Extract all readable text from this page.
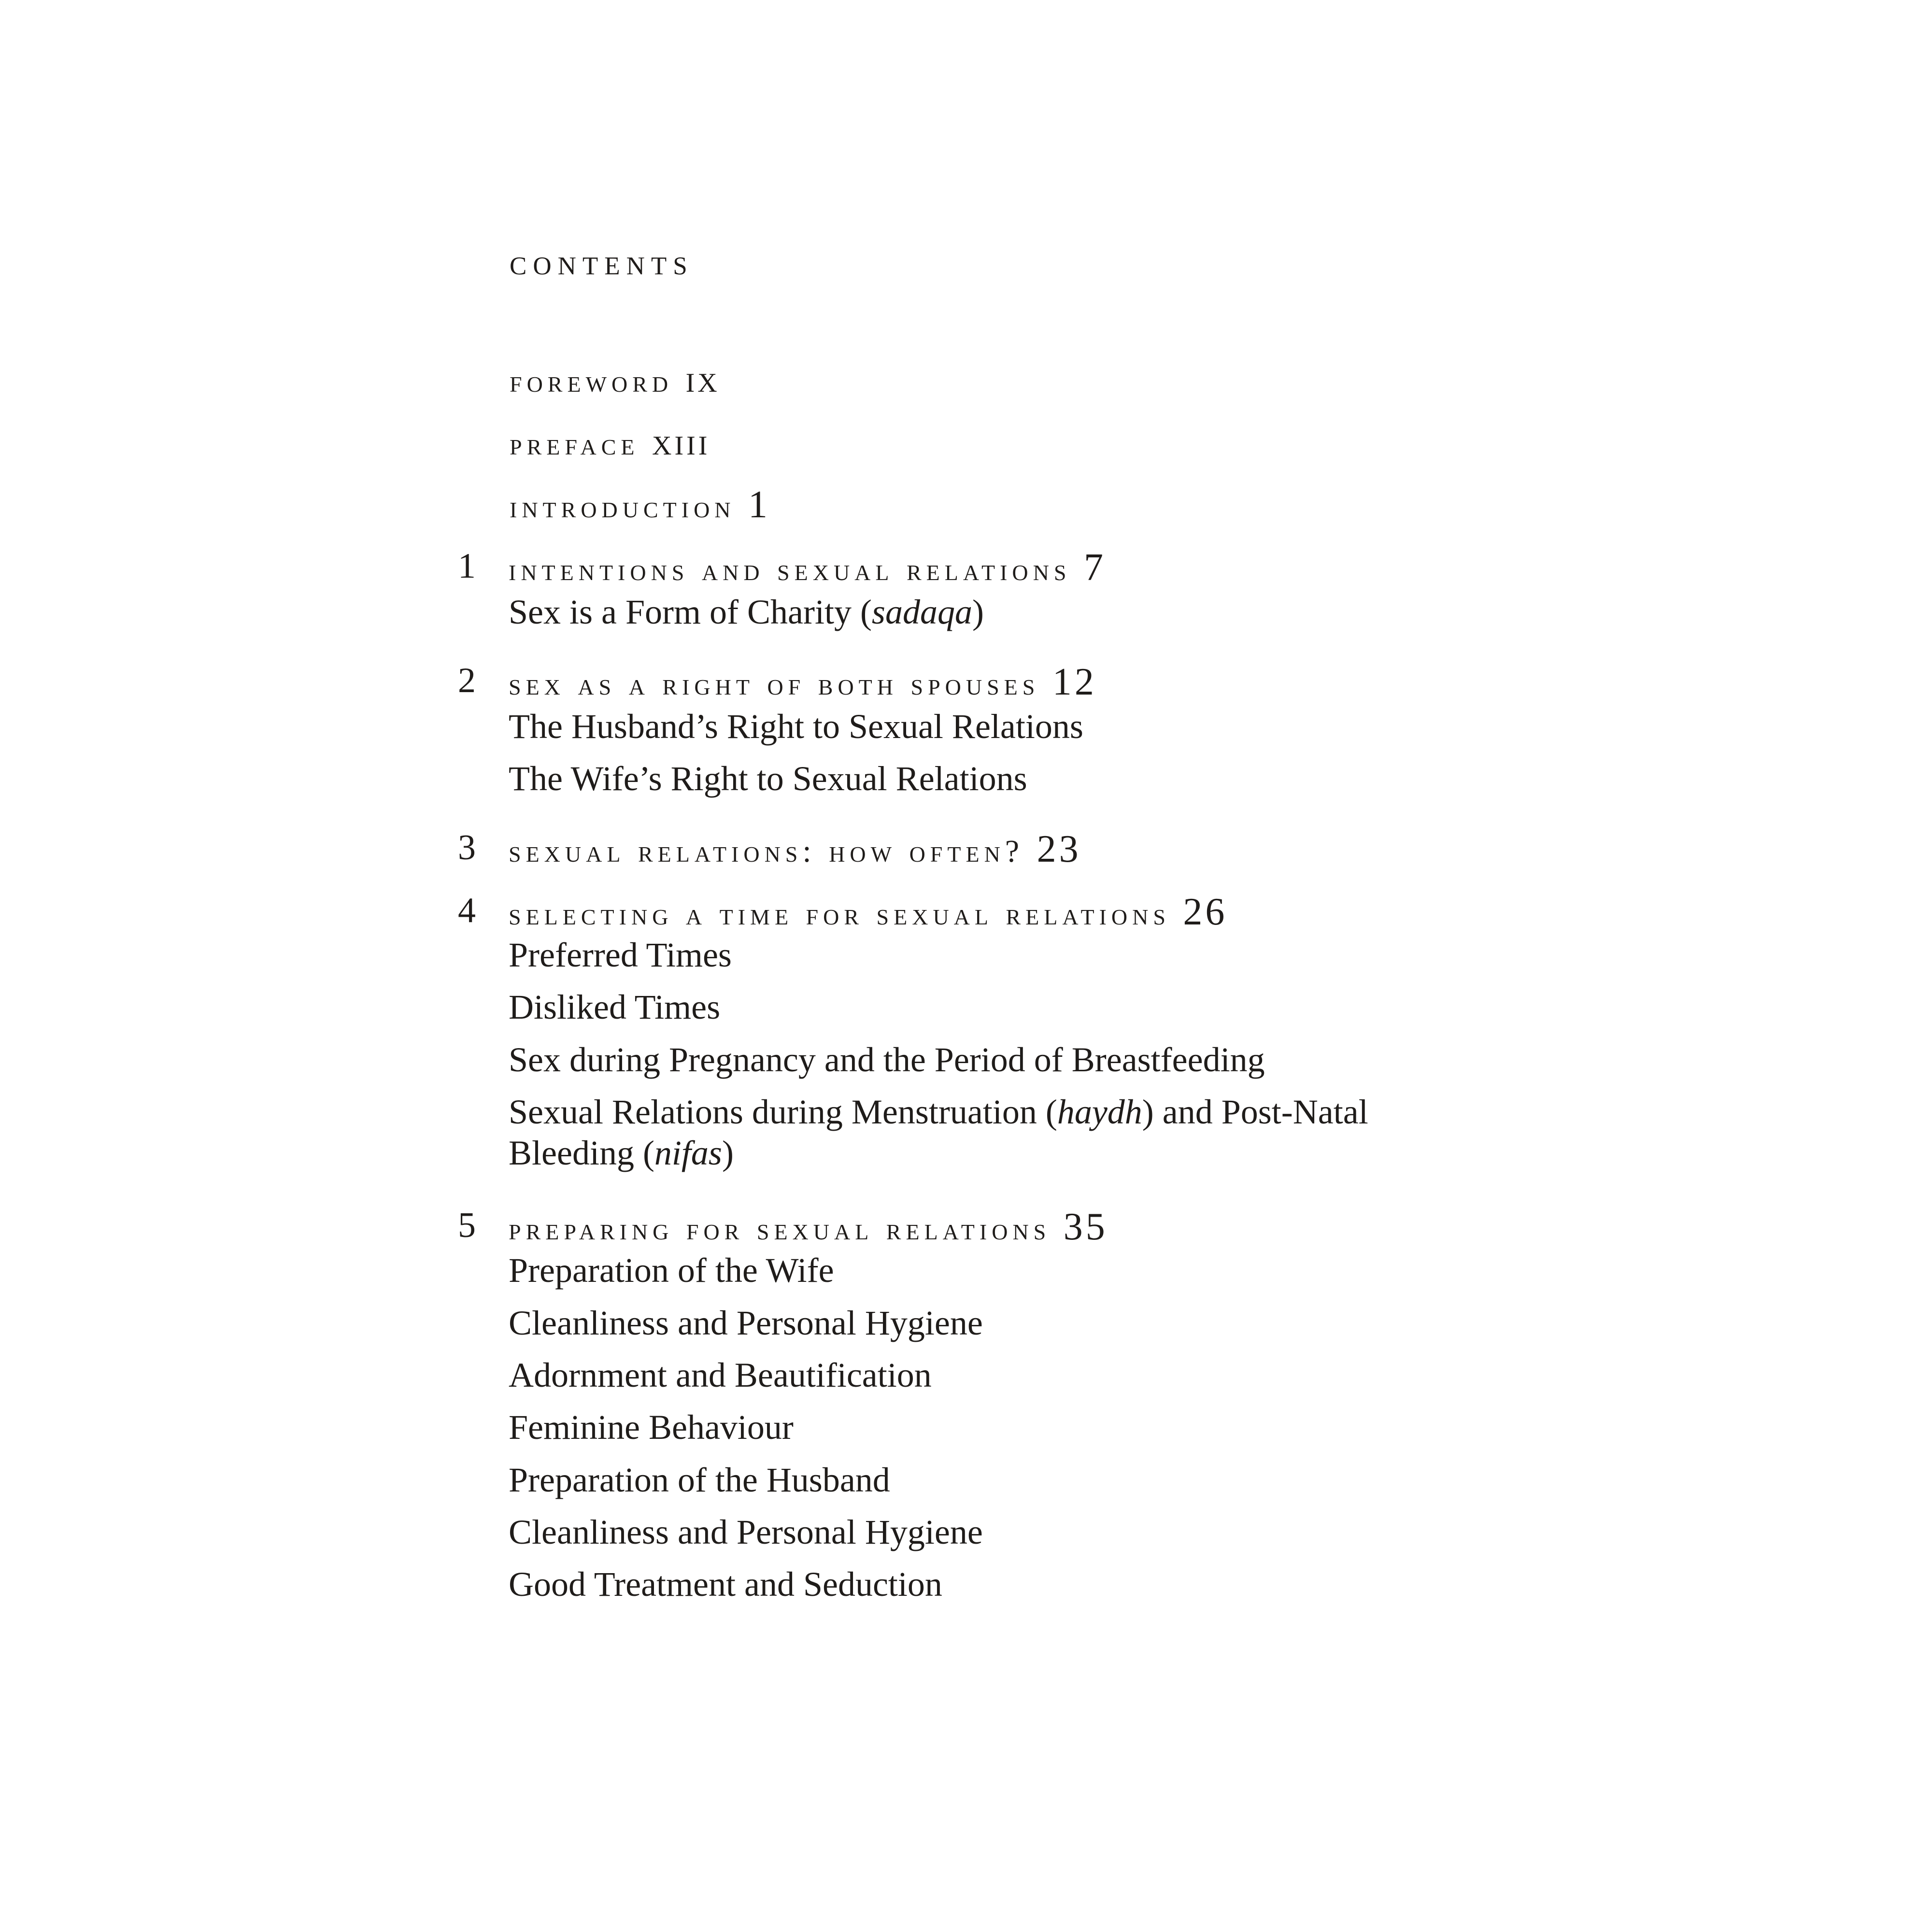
contents
foreword ix
preface xiii
introduction 1
1	intentions and sexual relations 7
Sex is a Form of Charity (sadaqa)
2	sex as a right of both spouses 12
The Husband’s Right to Sexual Relations
The Wife’s Right to Sexual Relations
3	sexual relations: how often? 23
4	selecting a time for sexual relations 26
Preferred Times
Disliked Times
Sex during Pregnancy and the Period of Breastfeeding
Sexual Relations during Menstruation (haydh) and Post-Natal
Bleeding (nifas)
5	preparing for sexual relations 35
Preparation of the Wife
Cleanliness and Personal Hygiene
Adornment and Beautification
Feminine Behaviour
Preparation of the Husband
Cleanliness and Personal Hygiene
Good Treatment and Seduction
